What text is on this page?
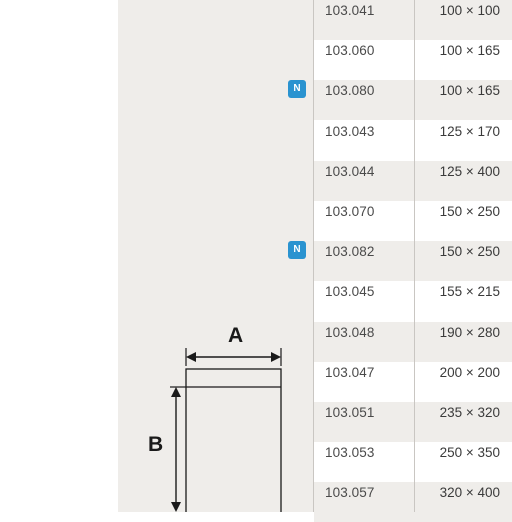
103.041	100 × 100
103.060	100 × 165
103.080	100 × 165
103.043	125 × 170
103.044	125 × 400
103.070	150 × 250
103.082	150 × 250
103.045	155 × 215
103.048	190 × 280
103.047	200 × 200
103.051	235 × 320
103.053	250 × 350
103.057	320 × 400
N
N
A
B
